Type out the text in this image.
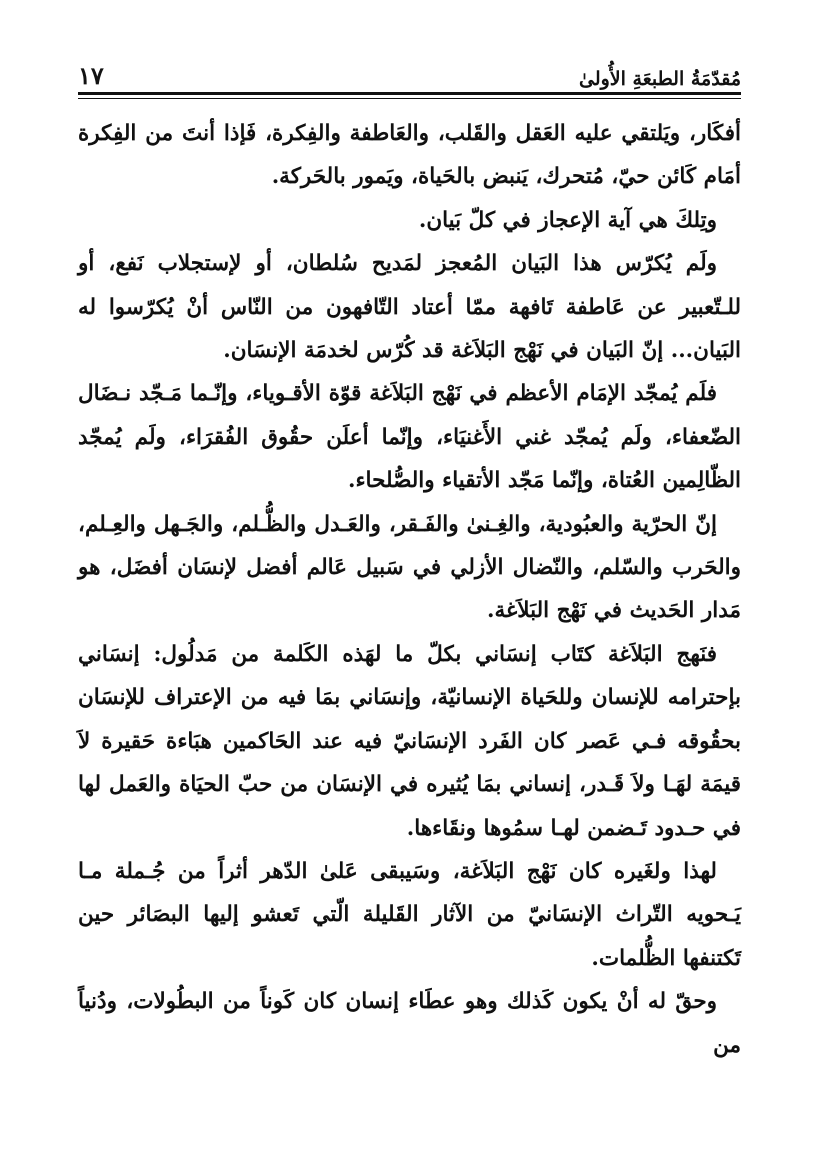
١٧	مُقدّمَةُ الطبعَةِ الأُولىٰ

أفكَار، ويَلتقي عليه العَقل والقَلب، والعَاطفة والفِكرة، فَإذا أنتَ من الفِكرة أمَام كَائن حيّ، مُتحرك، يَنبض بالحَياة، ويَمور بالحَركة.

وتِلكَ هي آية الإعجاز في كلّ بَيان.

ولَم يُكرّس هذا البَيان المُعجز لمَديح سُلطان، أو لإستجلاب نَفع، أو للـتّعبير عن عَاطفة تَافهة ممّا أعتاد التّافهون من النّاس أنْ يُكرّسوا له البَيان... إنّ البَيان في نَهْج البَلاَغة قد كُرّس لخدمَة الإنسَان.

فلَم يُمجّد الإمَام الأعظم في نَهْج البَلاَغة قوّة الأقـوياء، وإنّـما مَـجّد نـضَال الضّعفاء، ولَم يُمجّد غني الأَغنيَاء، وإنّما أعلَن حقُوق الفُقرَاء، ولَم يُمجّد الظّالِمين العُتاة، وإنّما مَجّد الأتقياء والصُّلحاء.

إنّ الحرّية والعبُودية، والغِـنىٰ والفَـقر، والعَـدل والظُّـلم، والجَـهل والعِـلم، والحَرب والسّلم، والنّضال الأزلي في سَبيل عَالم أفضل لإنسَان أفضَل، هو مَدار الحَديث في نَهْج البَلاَغة.

فنَهج البَلاَغة كتَاب إنسَاني بكلّ ما لهَذه الكَلمة من مَدلُول: إنسَاني بإحترامه للإنسان وللحَياة الإنسانيّة، وإنسَاني بمَا فيه من الإعتراف للإنسَان بحقُوقه فـي عَصر كان الفَرد الإنسَانيّ فيه عند الحَاكمين هبَاءة حَقيرة لاَ قيمَة لهَـا ولاَ قَـدر، إنساني بمَا يُثيره في الإنسَان من حبّ الحيَاة والعَمل لها في حـدود تَـضمن لهـا سمُوها ونقَاءها.

لهذا ولغَيره كان نَهْج البَلاَغة، وسَيبقى عَلىٰ الدّهر أثراً من جُـملة مـا يَـحويه التّراث الإنسَانيّ من الآثار القَليلة الّتي تَعشو إليها البصَائر حين تَكتنفها الظُّلمات.

وحقّ له أنْ يكون كَذلك وهو عطَاء إنسان كان كَوناً من البطُولات، ودُنياً من
